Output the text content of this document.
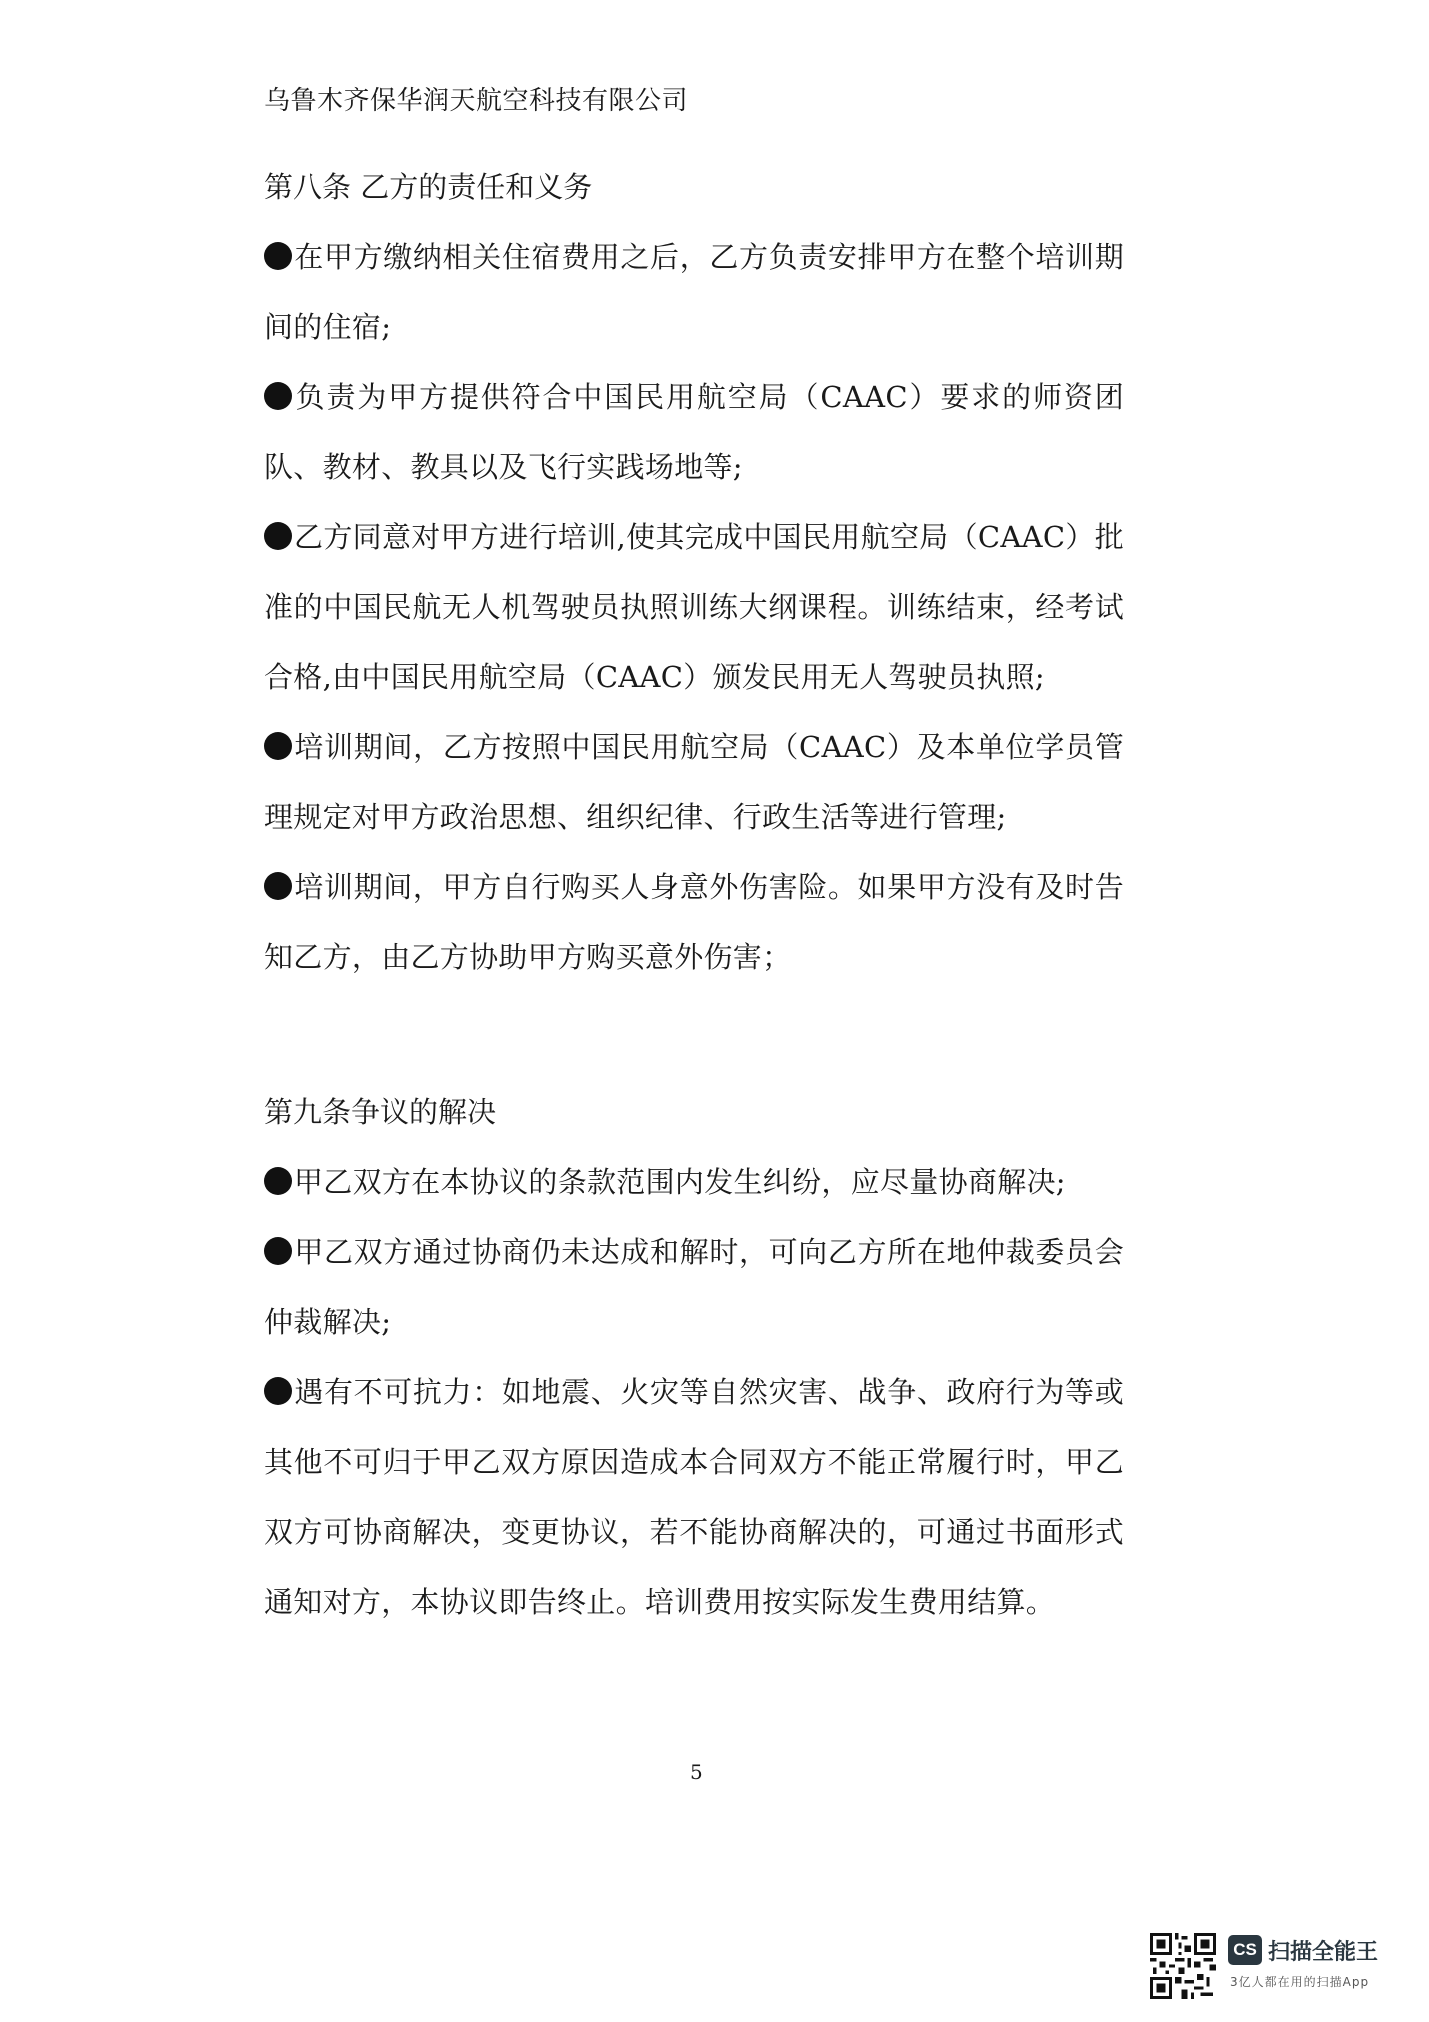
乌鲁木齐保华润天航空科技有限公司
第八条 乙方的责任和义务
在甲方缴纳相关住宿费用之后，乙方负责安排甲方在整个培训期间的住宿;
负责为甲方提供符合中国民用航空局（CAAC）要求的师资团队、教材、教具以及飞行实践场地等;
乙方同意对甲方进行培训,使其完成中国民用航空局（CAAC）批准的中国民航无人机驾驶员执照训练大纲课程。训练结束，经考试合格,由中国民用航空局（CAAC）颁发民用无人驾驶员执照;
培训期间，乙方按照中国民用航空局（CAAC）及本单位学员管理规定对甲方政治思想、组织纪律、行政生活等进行管理;
培训期间，甲方自行购买人身意外伤害险。如果甲方没有及时告知乙方，由乙方协助甲方购买意外伤害；
第九条争议的解决
甲乙双方在本协议的条款范围内发生纠纷，应尽量协商解决;
甲乙双方通过协商仍未达成和解时，可向乙方所在地仲裁委员会仲裁解决;
遇有不可抗力：如地震、火灾等自然灾害、战争、政府行为等或其他不可归于甲乙双方原因造成本合同双方不能正常履行时，甲乙双方可协商解决，变更协议，若不能协商解决的，可通过书面形式通知对方，本协议即告终止。培训费用按实际发生费用结算。
5
CS 扫描全能王
3亿人都在用的扫描App
